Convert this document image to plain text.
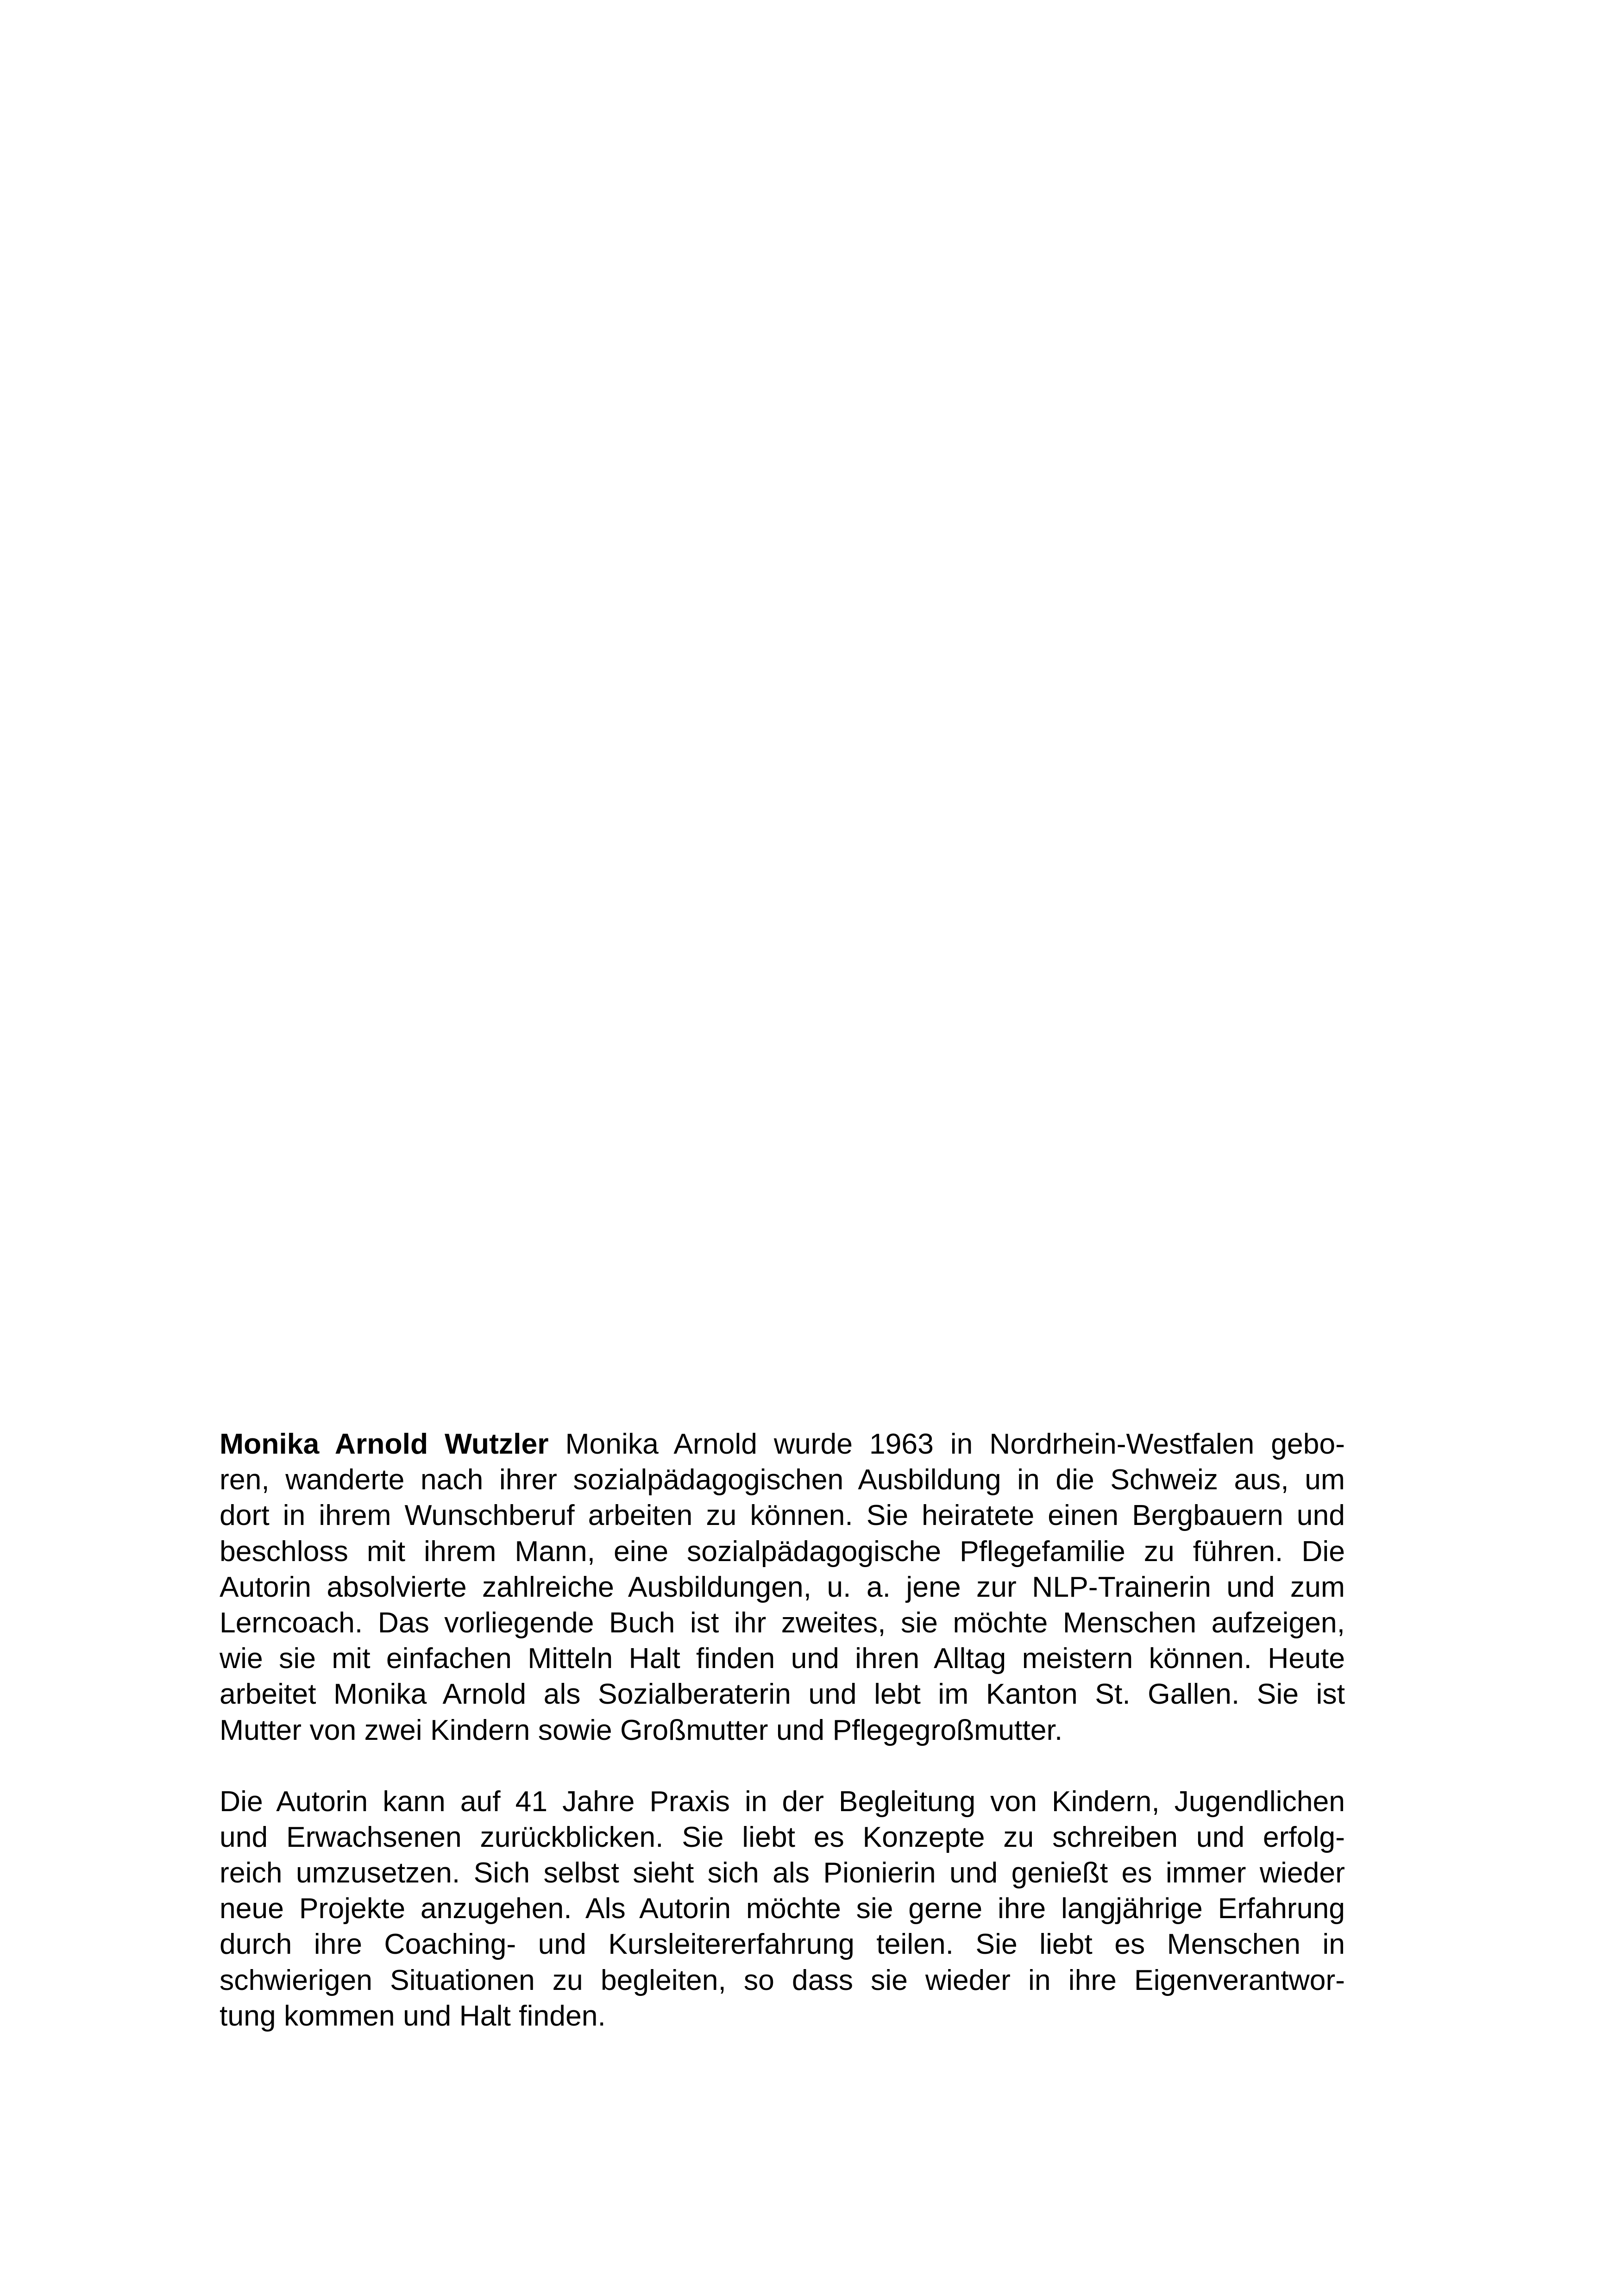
Monika Arnold Wutzler Monika Arnold wurde 1963 in Nordrhein-Westfalen gebo-
ren, wanderte nach ihrer sozialpädagogischen Ausbildung in die Schweiz aus, um
dort in ihrem Wunschberuf arbeiten zu können. Sie heiratete einen Bergbauern und
beschloss mit ihrem Mann, eine sozialpädagogische Pflegefamilie zu führen. Die
Autorin absolvierte zahlreiche Ausbildungen, u. a. jene zur NLP-Trainerin und zum
Lerncoach. Das vorliegende Buch ist ihr zweites, sie möchte Menschen aufzeigen,
wie sie mit einfachen Mitteln Halt finden und ihren Alltag meistern können. Heute
arbeitet Monika Arnold als Sozialberaterin und lebt im Kanton St. Gallen. Sie ist
Mutter von zwei Kindern sowie Großmutter und Pflegegroßmutter.

Die Autorin kann auf 41 Jahre Praxis in der Begleitung von Kindern, Jugendlichen
und Erwachsenen zurückblicken. Sie liebt es Konzepte zu schreiben und erfolg-
reich umzusetzen. Sich selbst sieht sich als Pionierin und genießt es immer wieder
neue Projekte anzugehen. Als Autorin möchte sie gerne ihre langjährige Erfahrung
durch ihre Coaching- und Kursleitererfahrung teilen. Sie liebt es Menschen in
schwierigen Situationen zu begleiten, so dass sie wieder in ihre Eigenverantwor-
tung kommen und Halt finden.
